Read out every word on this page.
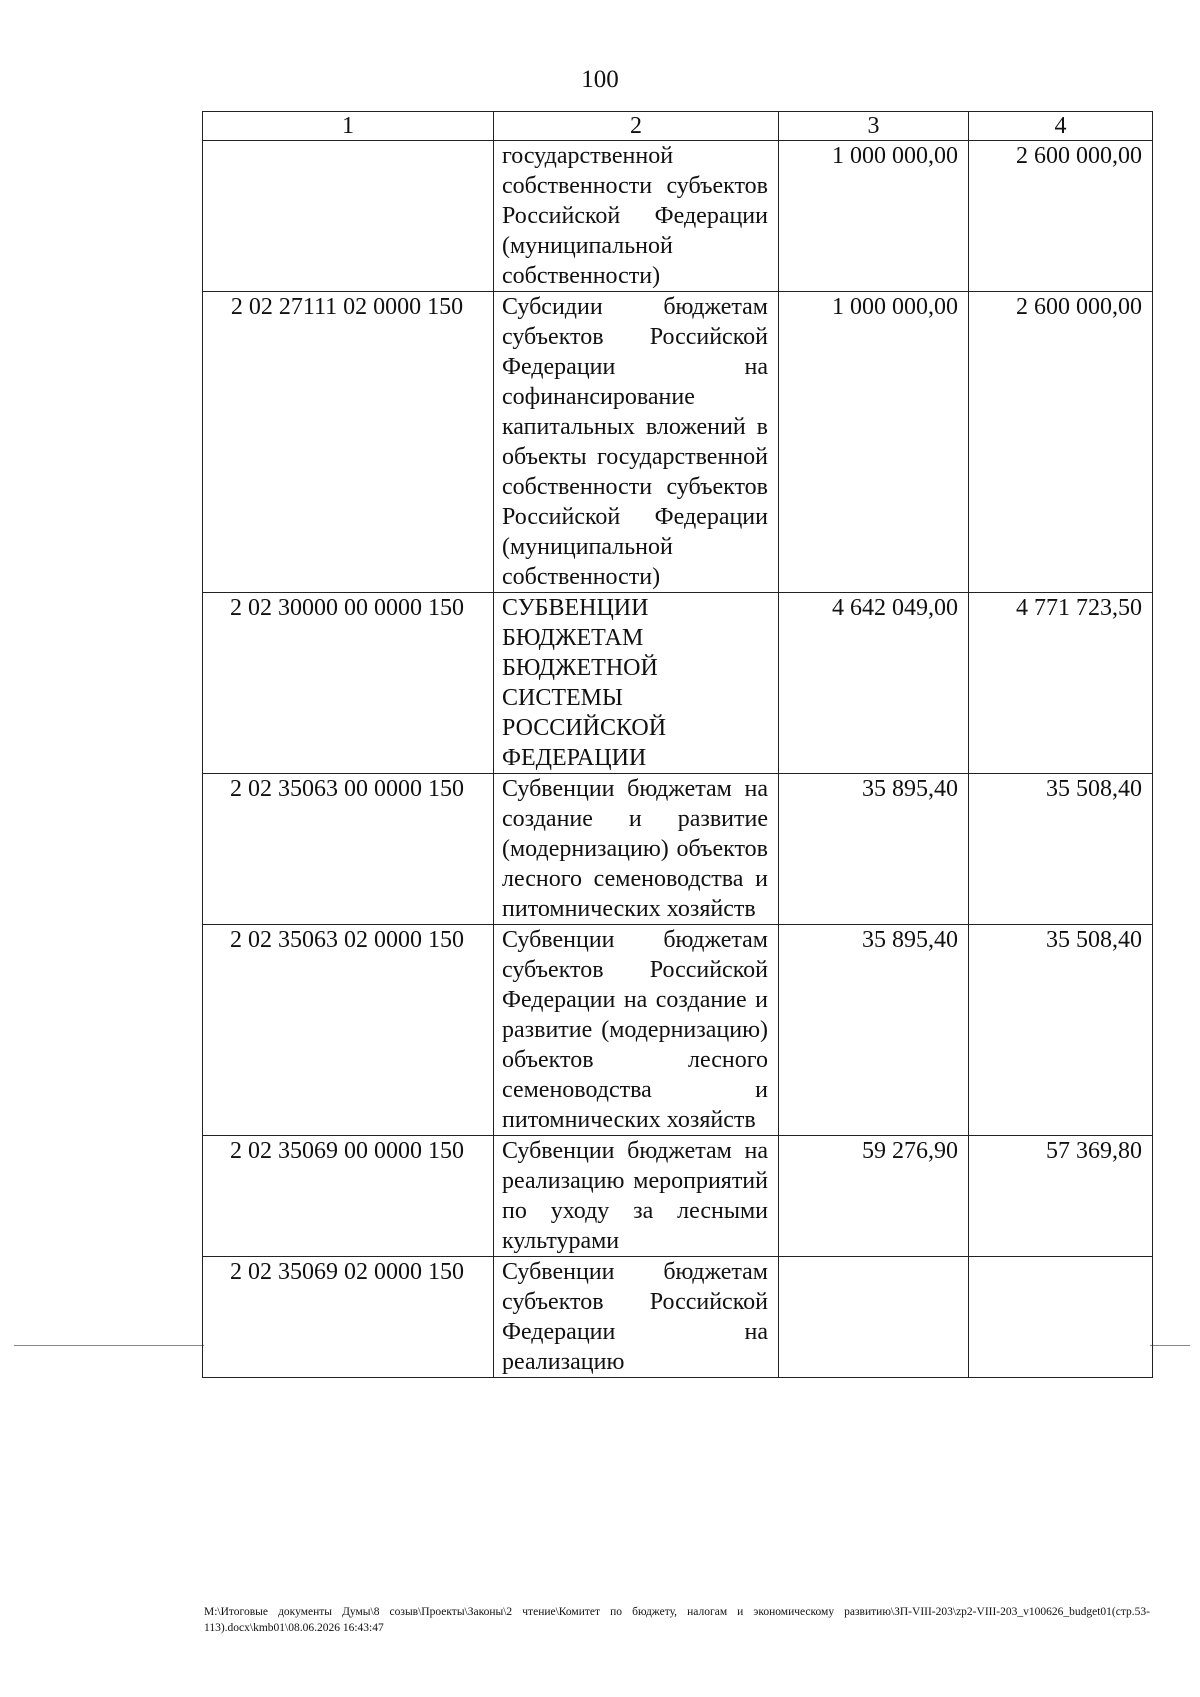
100
1	2	3	4
	государственной собственности субъектов Российской Федерации (муниципальной собственности)	1 000 000,00	2 600 000,00
2 02 27111 02 0000 150	Субсидии бюджетам субъектов Российской Федерации на софинансирование капитальных вложений в объекты государственной собственности субъектов Российской Федерации (муниципальной собственности)	1 000 000,00	2 600 000,00
2 02 30000 00 0000 150	СУБВЕНЦИИ БЮДЖЕТАМ БЮДЖЕТНОЙ СИСТЕМЫ РОССИЙСКОЙ ФЕДЕРАЦИИ	4 642 049,00	4 771 723,50
2 02 35063 00 0000 150	Субвенции бюджетам на создание и развитие (модернизацию) объектов лесного семеноводства и питомнических хозяйств	35 895,40	35 508,40
2 02 35063 02 0000 150	Субвенции бюджетам субъектов Российской Федерации на создание и развитие (модернизацию) объектов лесного семеноводства и питомнических хозяйств	35 895,40	35 508,40
2 02 35069 00 0000 150	Субвенции бюджетам на реализацию мероприятий по уходу за лесными культурами	59 276,90	57 369,80
2 02 35069 02 0000 150	Субвенции бюджетам субъектов Российской Федерации на реализацию		
M:\Итоговые документы Думы\8 созыв\Проекты\Законы\2 чтение\Комитет по бюджету, налогам и экономическому развитию\ЗП-VIII-203\zp2-VIII-203_v100626_budget01(стр.53-113).docx\kmb01\08.06.2026 16:43:47
